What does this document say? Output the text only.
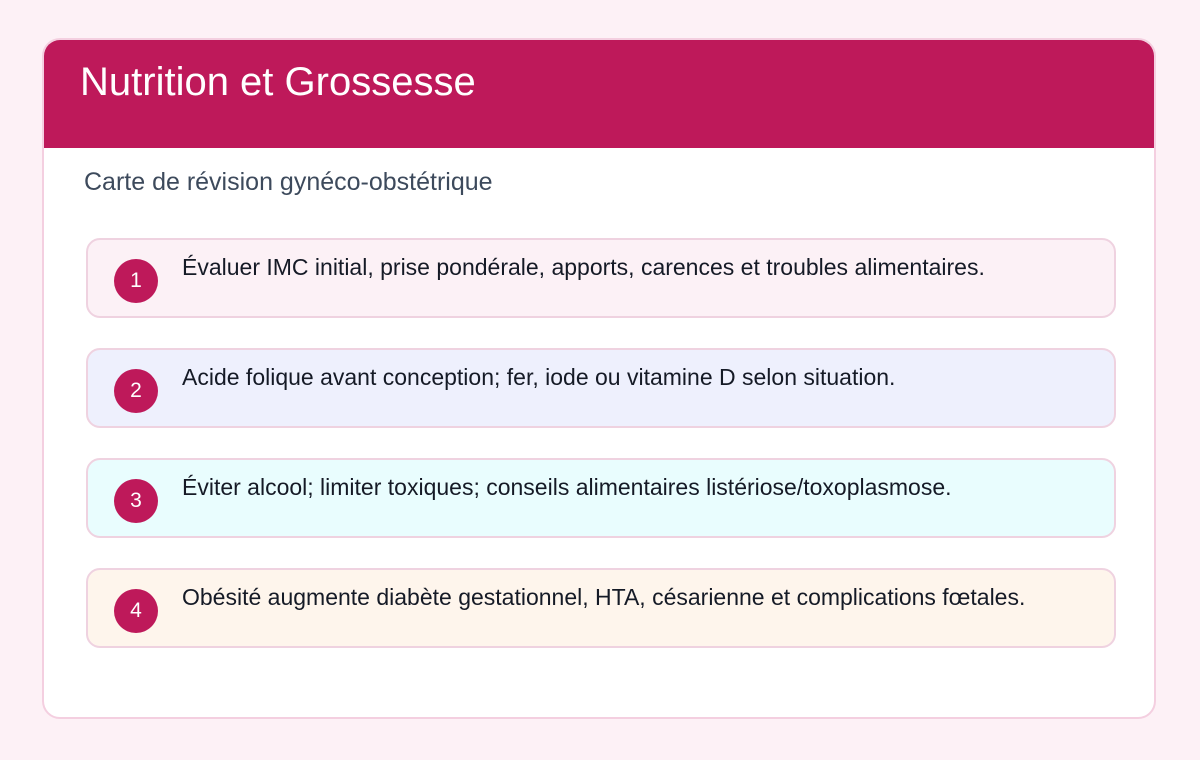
Nutrition et Grossesse

Carte de révision gynéco-obstétrique

1
Évaluer IMC initial, prise pondérale, apports, carences et troubles alimentaires.
2
Acide folique avant conception; fer, iode ou vitamine D selon situation.
3
Éviter alcool; limiter toxiques; conseils alimentaires listériose/toxoplasmose.
4
Obésité augmente diabète gestationnel, HTA, césarienne et complications fœtales.
